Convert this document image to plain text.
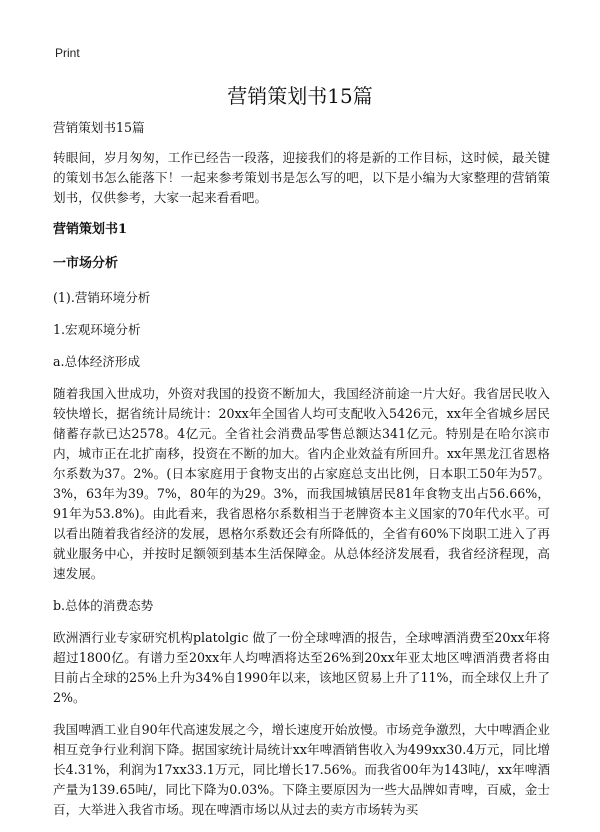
Print
营销策划书15篇

营销策划书15篇

转眼间，岁月匆匆，工作已经告一段落，迎接我们的将是新的工作目标，这时候，最关键的策划书怎么能落下！一起来参考策划书是怎么写的吧，以下是小编为大家整理的营销策划书，仅供参考，大家一起来看看吧。

营销策划书1

一市场分析

(1).营销环境分析

1.宏观环境分析

a.总体经济形成

随着我国入世成功，外资对我国的投资不断加大，我国经济前途一片大好。我省居民收入较快增长，据省统计局统计：20xx年全国省人均可支配收入5426元，xx年全省城乡居民储蓄存款已达2578。4亿元。全省社会消费品零售总额达341亿元。特别是在哈尔滨市内，城市正在北扩南移，投资在不断的加大。省内企业效益有所回升。xx年黑龙江省恩格尔系数为37。2%。(日本家庭用于食物支出的占家庭总支出比例，日本职工50年为57。3%，63年为39。7%，80年的为29。3%，而我国城镇居民81年食物支出占56.66%，91年为53.8%)。由此看来，我省恩格尔系数相当于老牌资本主义国家的70年代水平。可以看出随着我省经济的发展，恩格尔系数还会有所降低的，全省有60%下岗职工进入了再就业服务中心，并按时足额领到基本生活保障金。从总体经济发展看，我省经济程现，高速发展。

b.总体的消费态势

欧洲酒行业专家研究机构platolgic 做了一份全球啤酒的报告，全球啤酒消费至20xx年将超过1800亿。有谱力至20xx年人均啤酒将达至26%到20xx年亚太地区啤酒消费者将由目前占全球的25%上升为34%自1990年以来，该地区贸易上升了11%，而全球仅上升了2%。

我国啤酒工业自90年代高速发展之今，增长速度开始放慢。市场竞争激烈，大中啤酒企业相互竞争行业利润下降。据国家统计局统计xx年啤酒销售收入为499xx30.4万元，同比增长4.31%，利润为17xx33.1万元，同比增长17.56%。而我省00年为143吨/，xx年啤酒产量为139.65吨/，同比下降为0.03%。下降主要原因为一些大品牌如青啤，百威，金士百，大举进入我省市场。现在啤酒市场以从过去的卖方市场转为买
